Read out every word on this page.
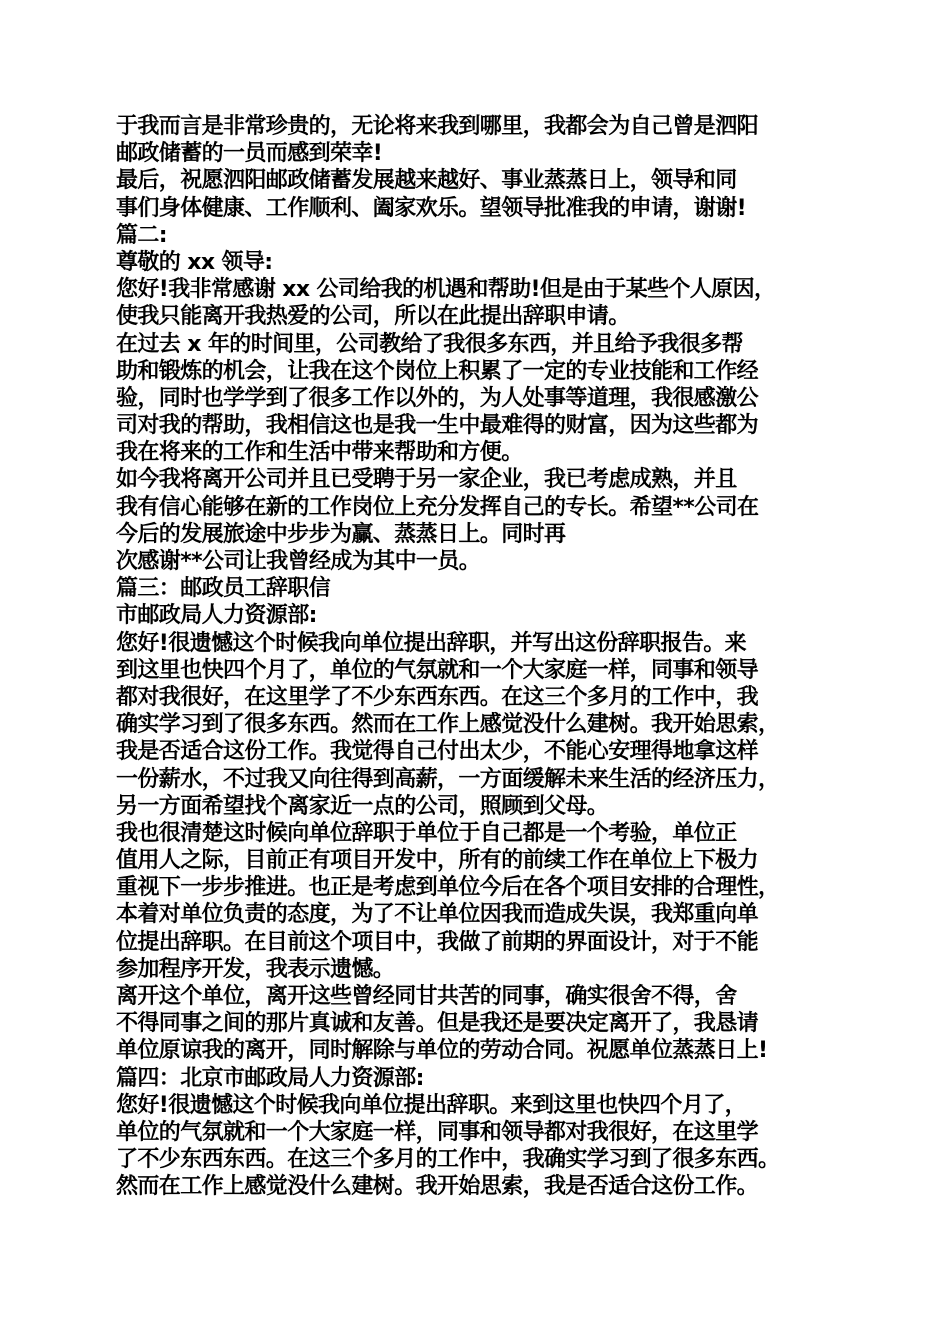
于我而言是非常珍贵的，无论将来我到哪里，我都会为自己曾是泗阳
邮政储蓄的一员而感到荣幸!
最后，祝愿泗阳邮政储蓄发展越来越好、事业蒸蒸日上，领导和同
事们身体健康、工作顺利、阖家欢乐。望领导批准我的申请，谢谢!
篇二:
尊敬的 xx 领导:
您好!我非常感谢 xx 公司给我的机遇和帮助!但是由于某些个人原因，
使我只能离开我热爱的公司，所以在此提出辞职申请。
在过去 x 年的时间里，公司教给了我很多东西，并且给予我很多帮
助和锻炼的机会，让我在这个岗位上积累了一定的专业技能和工作经
验，同时也学学到了很多工作以外的，为人处事等道理，我很感激公
司对我的帮助，我相信这也是我一生中最难得的财富，因为这些都为
我在将来的工作和生活中带来帮助和方便。
如今我将离开公司并且已受聘于另一家企业，我已考虑成熟，并且
我有信心能够在新的工作岗位上充分发挥自己的专长。希望**公司在
今后的发展旅途中步步为赢、蒸蒸日上。同时再
次感谢**公司让我曾经成为其中一员。
篇三：邮政员工辞职信
市邮政局人力资源部:
您好!很遗憾这个时候我向单位提出辞职，并写出这份辞职报告。来
到这里也快四个月了，单位的气氛就和一个大家庭一样，同事和领导
都对我很好，在这里学了不少东西东西。在这三个多月的工作中，我
确实学习到了很多东西。然而在工作上感觉没什么建树。我开始思索，
我是否适合这份工作。我觉得自己付出太少，不能心安理得地拿这样
一份薪水，不过我又向往得到高薪，一方面缓解未来生活的经济压力，
另一方面希望找个离家近一点的公司，照顾到父母。
我也很清楚这时候向单位辞职于单位于自己都是一个考验，单位正
值用人之际，目前正有项目开发中，所有的前续工作在单位上下极力
重视下一步步推进。也正是考虑到单位今后在各个项目安排的合理性，
本着对单位负责的态度，为了不让单位因我而造成失误，我郑重向单
位提出辞职。在目前这个项目中，我做了前期的界面设计，对于不能
参加程序开发，我表示遗憾。
离开这个单位，离开这些曾经同甘共苦的同事，确实很舍不得，舍
不得同事之间的那片真诚和友善。但是我还是要决定离开了，我恳请
单位原谅我的离开，同时解除与单位的劳动合同。祝愿单位蒸蒸日上!
篇四：北京市邮政局人力资源部:
您好!很遗憾这个时候我向单位提出辞职。来到这里也快四个月了，
单位的气氛就和一个大家庭一样，同事和领导都对我很好，在这里学
了不少东西东西。在这三个多月的工作中，我确实学习到了很多东西。
然而在工作上感觉没什么建树。我开始思索，我是否适合这份工作。
